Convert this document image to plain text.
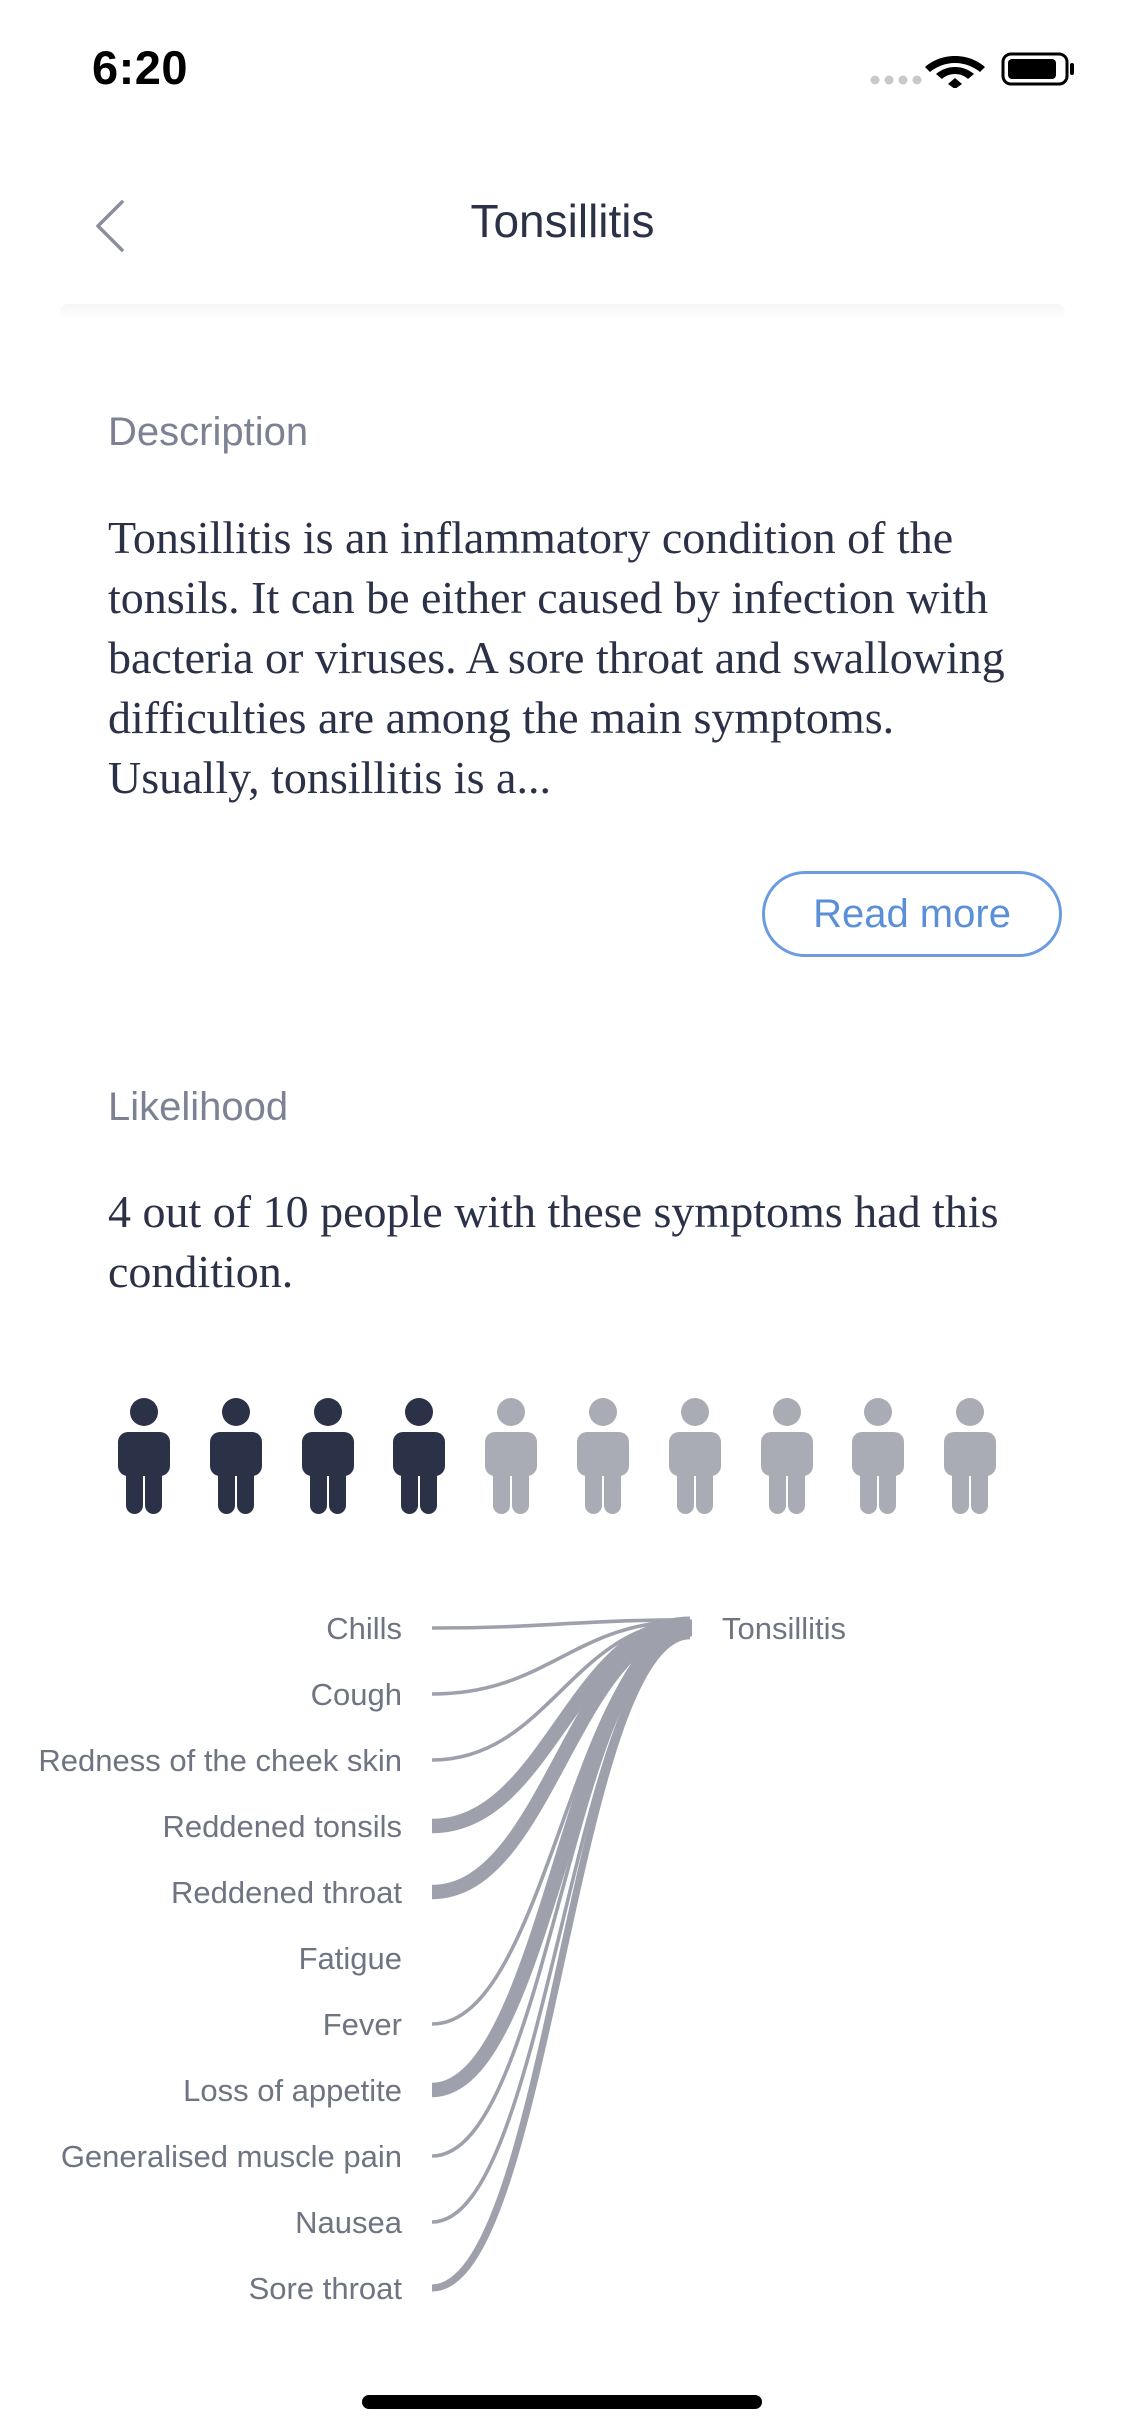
6:20
Tonsillitis
Description
Tonsillitis is an inflammatory condition of the tonsils. It can be either caused by infection with bacteria or viruses. A sore throat and swallowing difficulties are among the main symptoms. Usually, tonsillitis is a...
Read more
Likelihood
4 out of 10 people with these symptoms had this condition.
Chills
Cough
Redness of the cheek skin
Reddened tonsils
Reddened throat
Fatigue
Fever
Loss of appetite
Generalised muscle pain
Nausea
Sore throat
Tonsillitis
